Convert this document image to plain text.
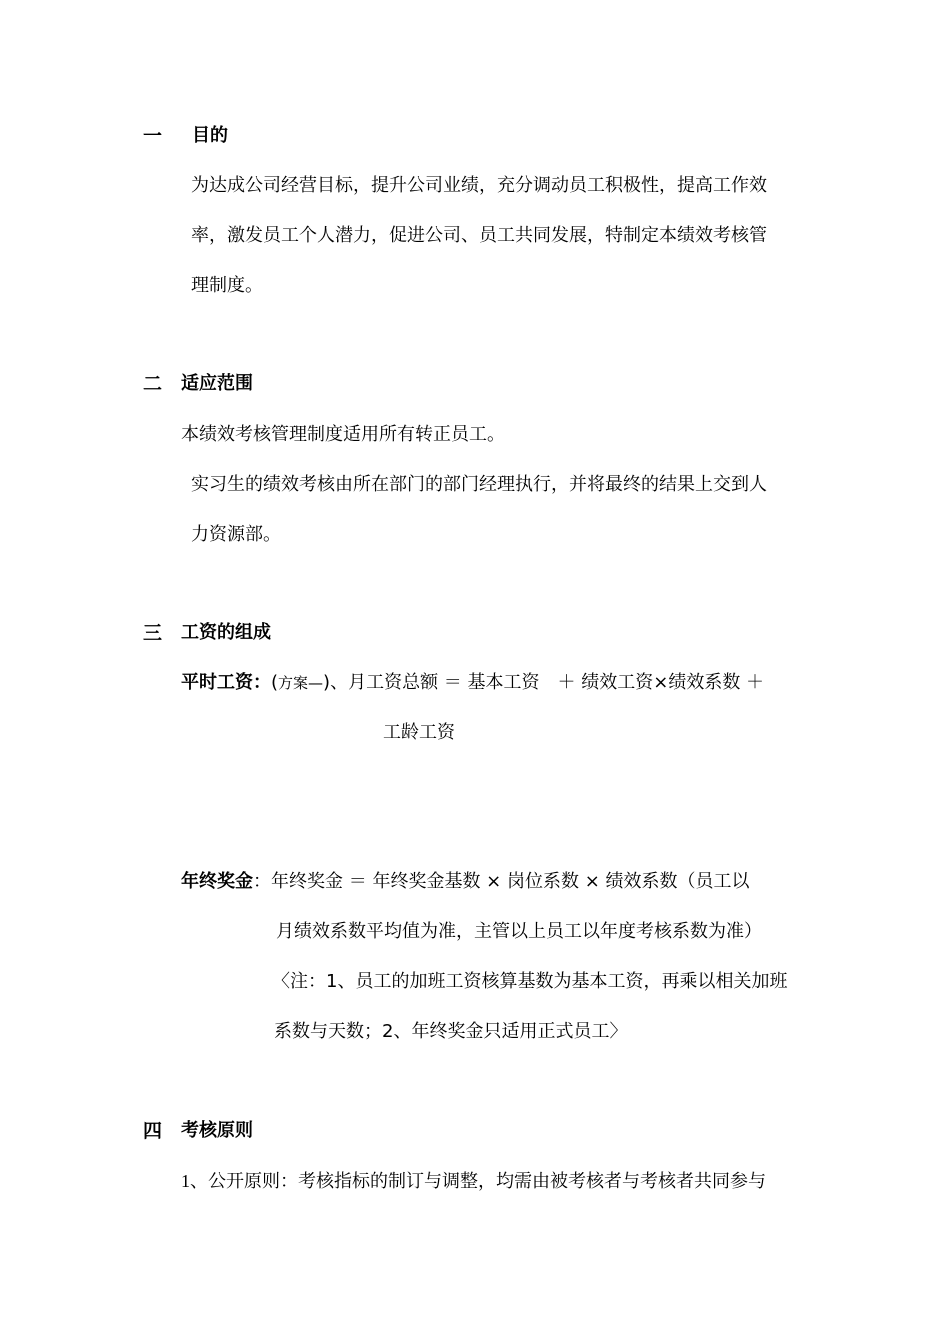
一 目的
为达成公司经营目标，提升公司业绩，充分调动员工积极性，提高工作效
率，激发员工个人潜力，促进公司、员工共同发展，特制定本绩效考核管
理制度。
二 适应范围
本绩效考核管理制度适用所有转正员工。
实习生的绩效考核由所在部门的部门经理执行，并将最终的结果上交到人
力资源部。
三 工资的组成
平时工资：(方案—)、月工资总额 ＝ 基本工资　＋ 绩效工资×绩效系数 ＋
工龄工资
年终奖金：年终奖金 ＝ 年终奖金基数 × 岗位系数 × 绩效系数（员工以
月绩效系数平均值为准，主管以上员工以年度考核系数为准）
〈注：1、员工的加班工资核算基数为基本工资，再乘以相关加班
系数与天数；2、年终奖金只适用正式员工〉
四 考核原则
1、公开原则：考核指标的制订与调整，均需由被考核者与考核者共同参与
